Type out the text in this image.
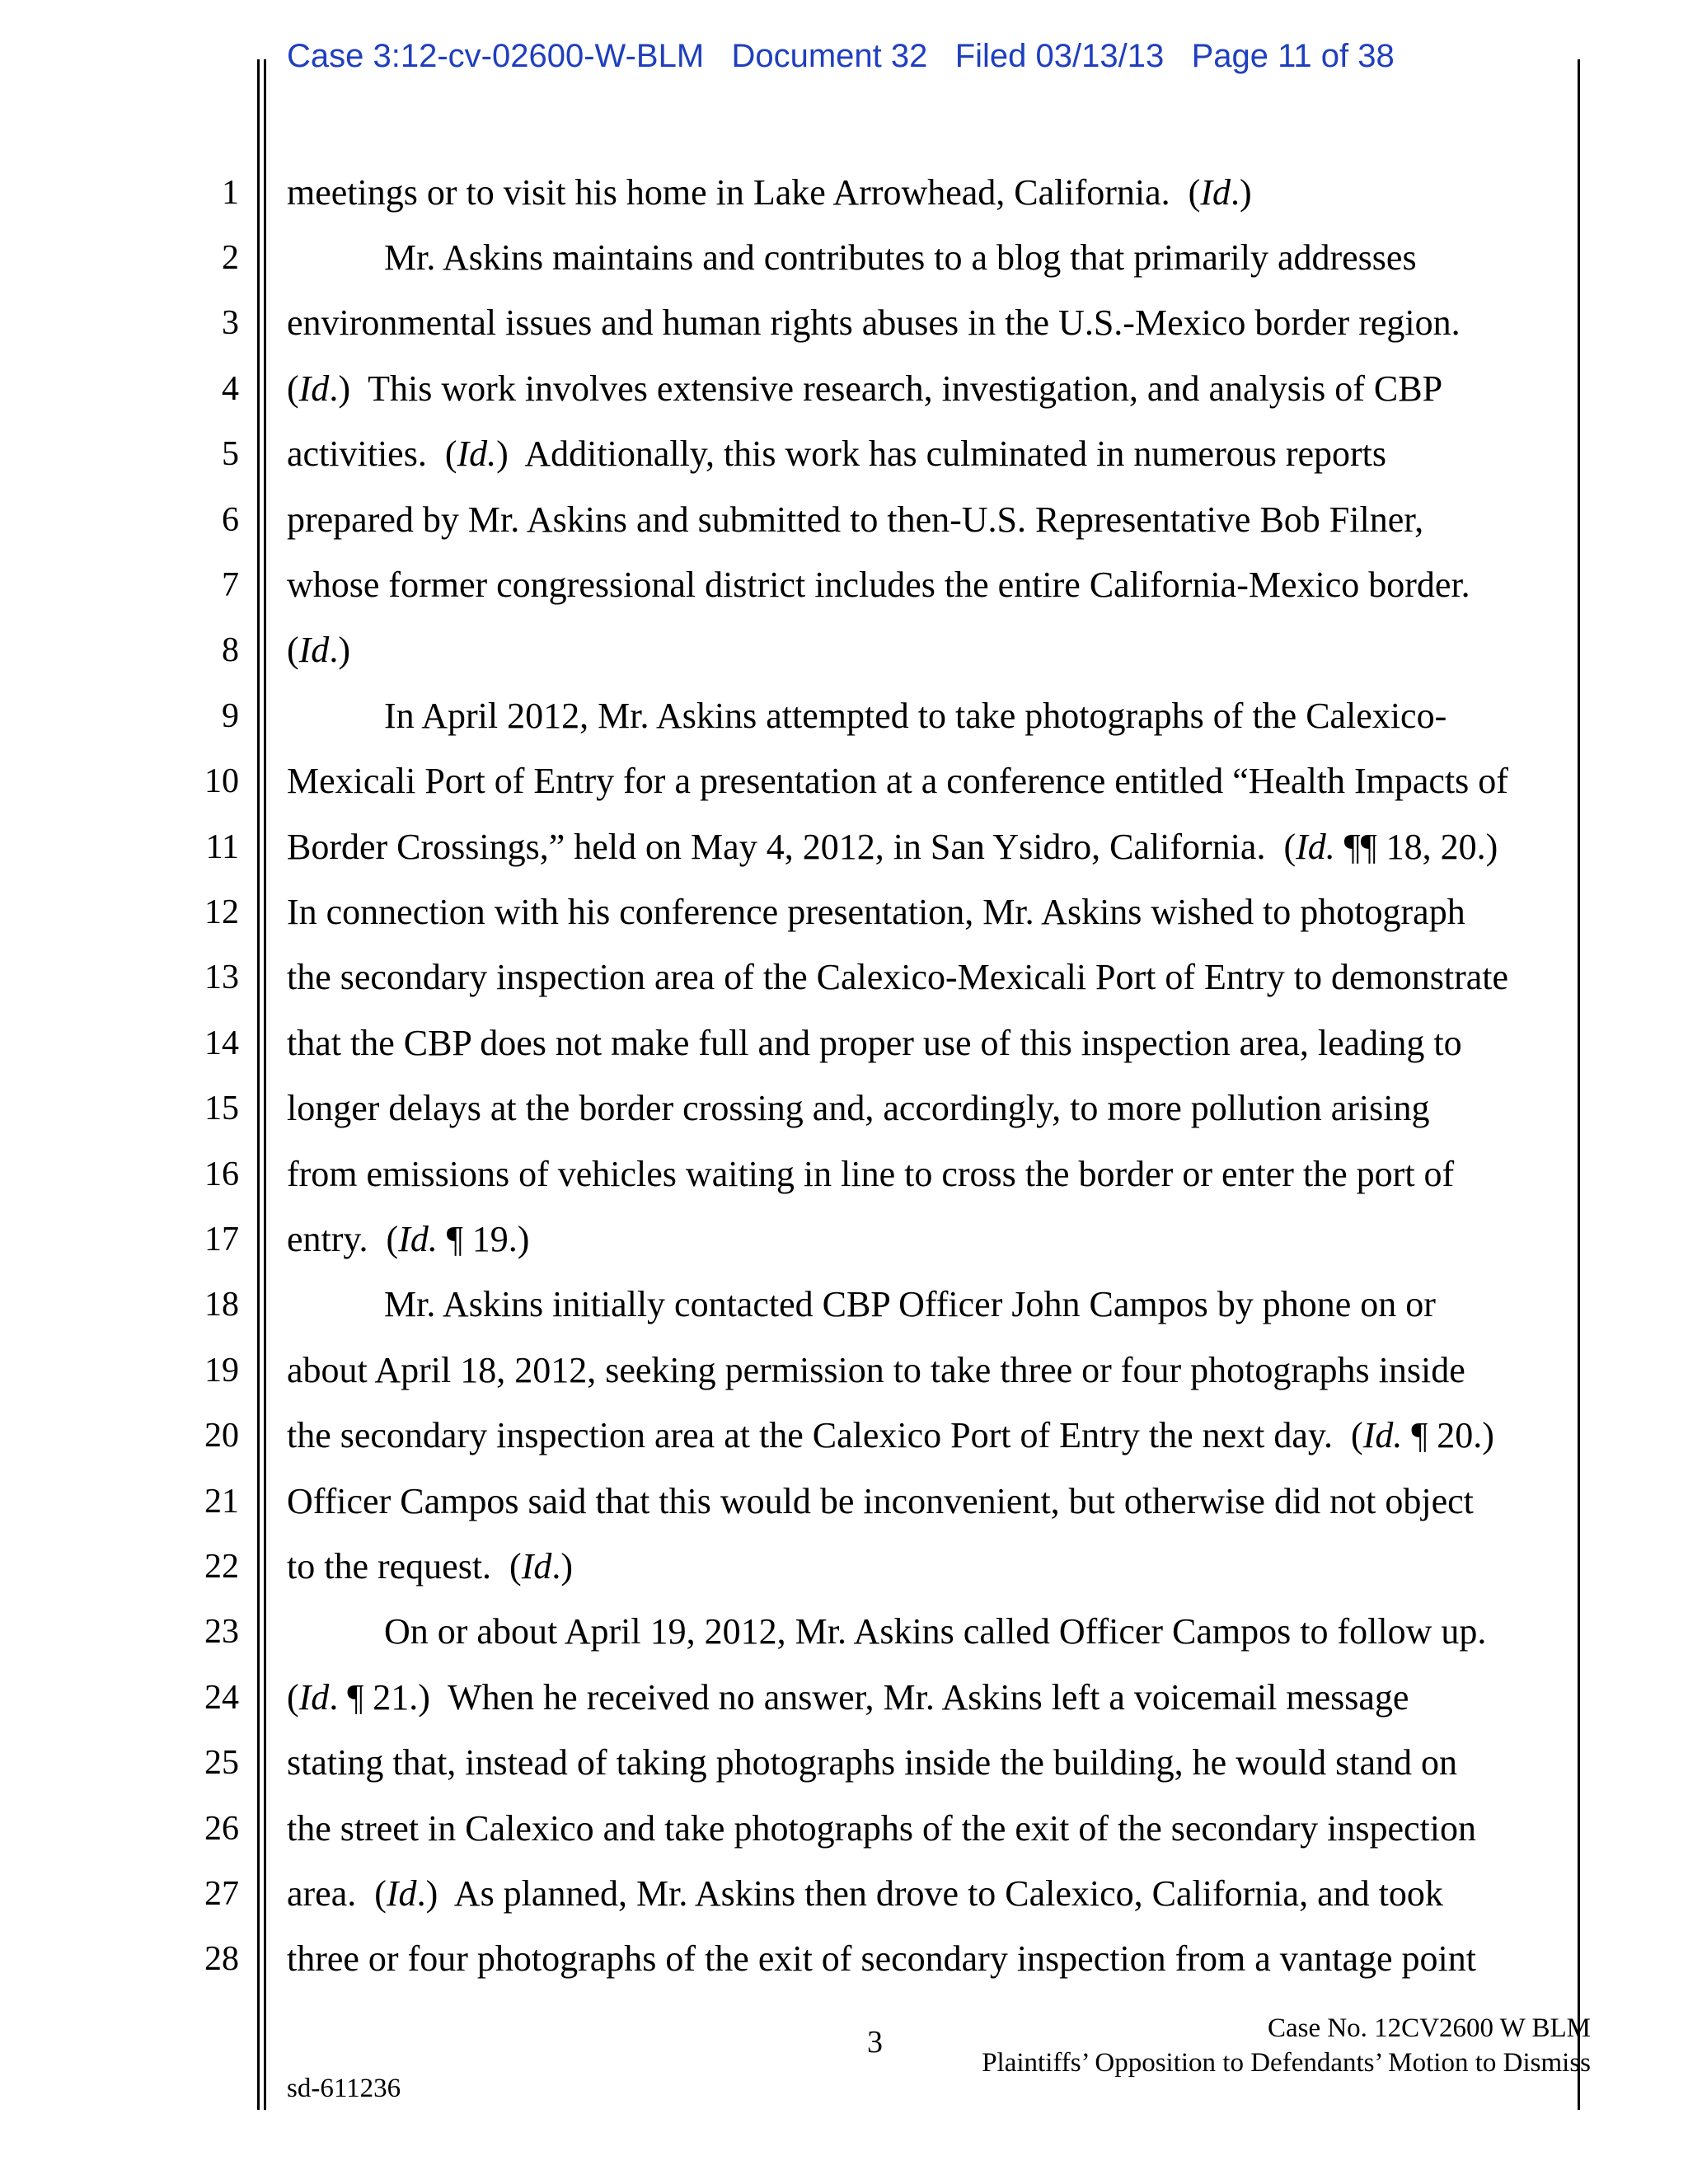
Case 3:12-cv-02600-W-BLM   Document 32   Filed 03/13/13   Page 11 of 38
1
2
3
4
5
6
7
8
9
10
11
12
13
14
15
16
17
18
19
20
21
22
23
24
25
26
27
28
meetings or to visit his home in Lake Arrowhead, California.  (Id.)
Mr. Askins maintains and contributes to a blog that primarily addresses
environmental issues and human rights abuses in the U.S.-Mexico border region.
(Id.)  This work involves extensive research, investigation, and analysis of CBP
activities.  (Id.)  Additionally, this work has culminated in numerous reports
prepared by Mr. Askins and submitted to then-U.S. Representative Bob Filner,
whose former congressional district includes the entire California-Mexico border.
(Id.)
In April 2012, Mr. Askins attempted to take photographs of the Calexico-
Mexicali Port of Entry for a presentation at a conference entitled “Health Impacts of
Border Crossings,” held on May 4, 2012, in San Ysidro, California.  (Id. ¶¶ 18, 20.)
In connection with his conference presentation, Mr. Askins wished to photograph
the secondary inspection area of the Calexico-Mexicali Port of Entry to demonstrate
that the CBP does not make full and proper use of this inspection area, leading to
longer delays at the border crossing and, accordingly, to more pollution arising
from emissions of vehicles waiting in line to cross the border or enter the port of
entry.  (Id. ¶ 19.)
Mr. Askins initially contacted CBP Officer John Campos by phone on or
about April 18, 2012, seeking permission to take three or four photographs inside
the secondary inspection area at the Calexico Port of Entry the next day.  (Id. ¶ 20.)
Officer Campos said that this would be inconvenient, but otherwise did not object
to the request.  (Id.)
On or about April 19, 2012, Mr. Askins called Officer Campos to follow up.
(Id. ¶ 21.)  When he received no answer, Mr. Askins left a voicemail message
stating that, instead of taking photographs inside the building, he would stand on
the street in Calexico and take photographs of the exit of the secondary inspection
area.  (Id.)  As planned, Mr. Askins then drove to Calexico, California, and took
three or four photographs of the exit of secondary inspection from a vantage point
3	Case No. 12CV2600 W BLM
Plaintiffs’ Opposition to Defendants’ Motion to Dismiss
sd-611236
